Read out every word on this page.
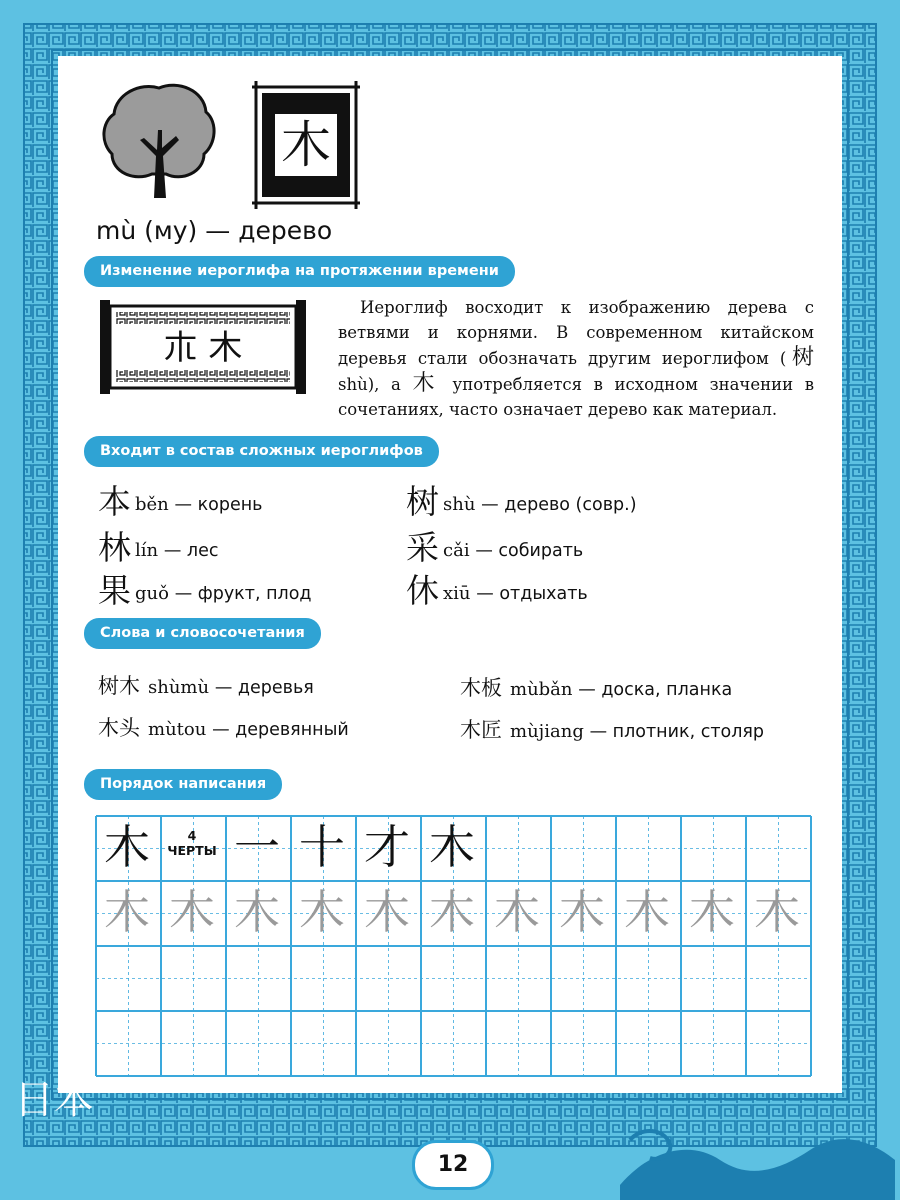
木
mù (му) — дерево
Изменение иероглифа на протяжении времени
𣎳 木
Иероглиф восходит к изображению дерева с ветвями и корнями. В современном китайском деревья стали обозначать другим иероглифом (树shù), а 木 употребляется в исходном значении в сочетаниях, часто означает дерево как материал.
Входит в состав сложных иероглифов
本běn — корень
林lín — лес
果guǒ — фрукт, плод
树shù — дерево (совр.)
采cǎi — собирать
休xiū — отдыхать
Слова и словосочетания
树木 shùmù — деревья
木头 mùtou — деревянный
木板 mùbǎn — доска, планка
木匠 mùjiang — плотник, столяр
Порядок написания
木	4
ЧЕРТЫ 一 十 才 木
木 木 木 木 木 木 木 木 木 木 木
日本
12
